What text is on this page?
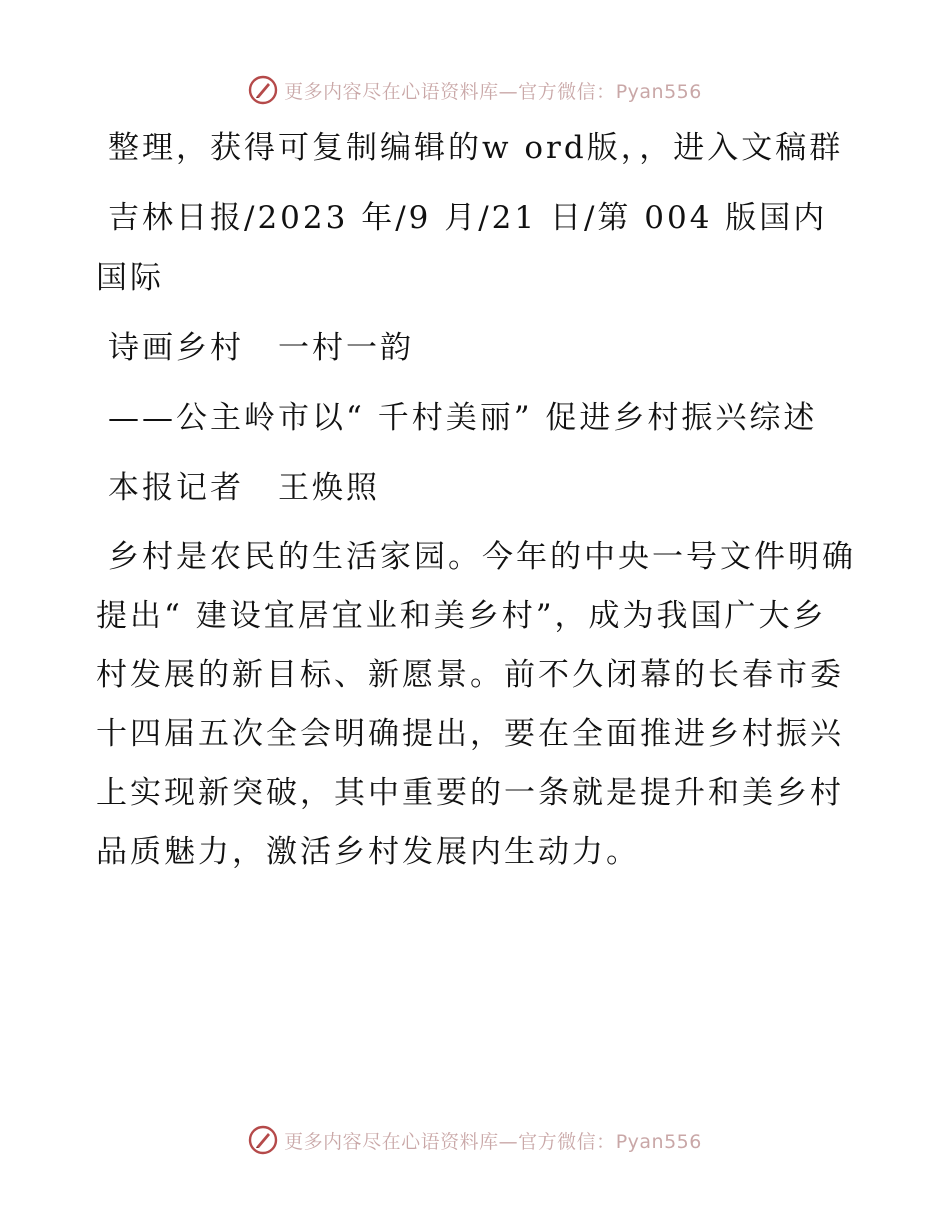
更多内容尽在心语资料库—官方微信：Pyan556

整理，获得可复制编辑的w ord版，，进入文稿群

吉林日报/2023 年/9 月/21 日/第 004 版国内国际

诗画乡村　一村一韵

——公主岭市以“ 千村美丽” 促进乡村振兴综述

本报记者　王焕照

乡村是农民的生活家园。今年的中央一号文件明确提出“ 建设宜居宜业和美乡村”，成为我国广大乡村发展的新目标、新愿景。前不久闭幕的长春市委十四届五次全会明确提出，要在全面推进乡村振兴上实现新突破，其中重要的一条就是提升和美乡村品质魅力，激活乡村发展内生动力。

更多内容尽在心语资料库—官方微信：Pyan556
